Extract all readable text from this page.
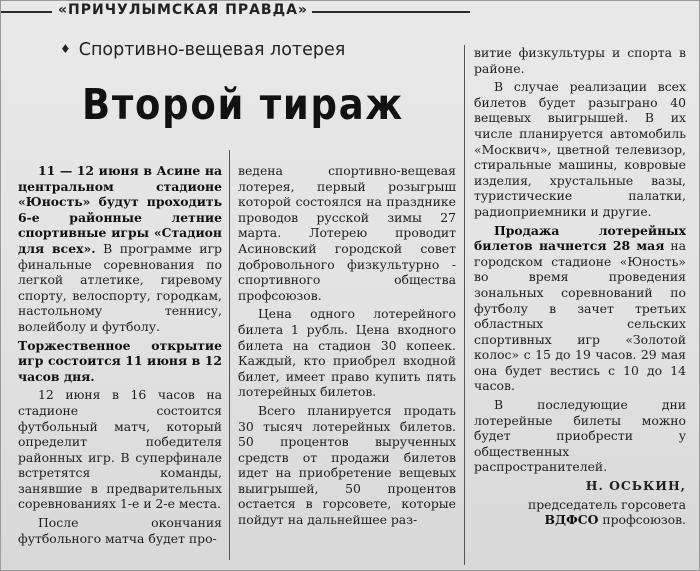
«ПРИЧУЛЫМСКАЯ ПРАВДА»
♦ Спортивно-вещевая лотерея
Второй тираж

11 — 12 июня в Асине на центральном стадионе «Юность» будут проходить 6-е районные летние спортивные игры «Стадион для всех». В программе игр финальные соревнования по легкой атлетике, гиревому спорту, велоспорту, городкам, настольному теннису, волейболу и футболу.

Торжественное открытие игр состоится 11 июня в 12 часов дня.

12 июня в 16 часов на стадионе состоится футбольный матч, который определит победителя районных игр. В суперфинале встретятся команды, занявшие в предварительных соревнованиях 1-е и 2-е места.

После окончания футбольного матча будет про-

ведена спортивно-вещевая лотерея, первый розыгрыш которой состоялся на празднике проводов русской зимы 27 марта. Лотерею проводит Асиновский городской совет добровольного физкультурно - спортивного общества профсоюзов.

Цена одного лотерейного билета 1 рубль. Цена входного билета на стадион 30 копеек. Каждый, кто приобрел входной билет, имеет право купить пять лотерейных билетов.

Всего планируется продать 30 тысяч лотерейных билетов. 50 процентов вырученных средств от продажи билетов идет на приобретение вещевых выигрышей, 50 процентов остается в горсовете, которые пойдут на дальнейшее раз-

витие физкультуры и спорта в районе.

В случае реализации всех билетов будет разыграно 40 вещевых выигрышей. В их числе планируется автомобиль «Москвич», цветной телевизор, стиральные машины, ковровые изделия, хрустальные вазы, туристические палатки, радиоприемники и другие.

Продажа лотерейных билетов начнется 28 мая на городском стадионе «Юность» во время проведения зональных соревнований по футболу в зачет третьих областных сельских спортивных игр «Золотой колос» с 15 до 19 часов. 29 мая она будет вестись с 10 до 14 часов.

В последующие дни лотерейные билеты можно будет приобрести у общественных распространителей.

Н. ОСЬКИН,

председатель горсовета ВДФСО профсоюзов.
